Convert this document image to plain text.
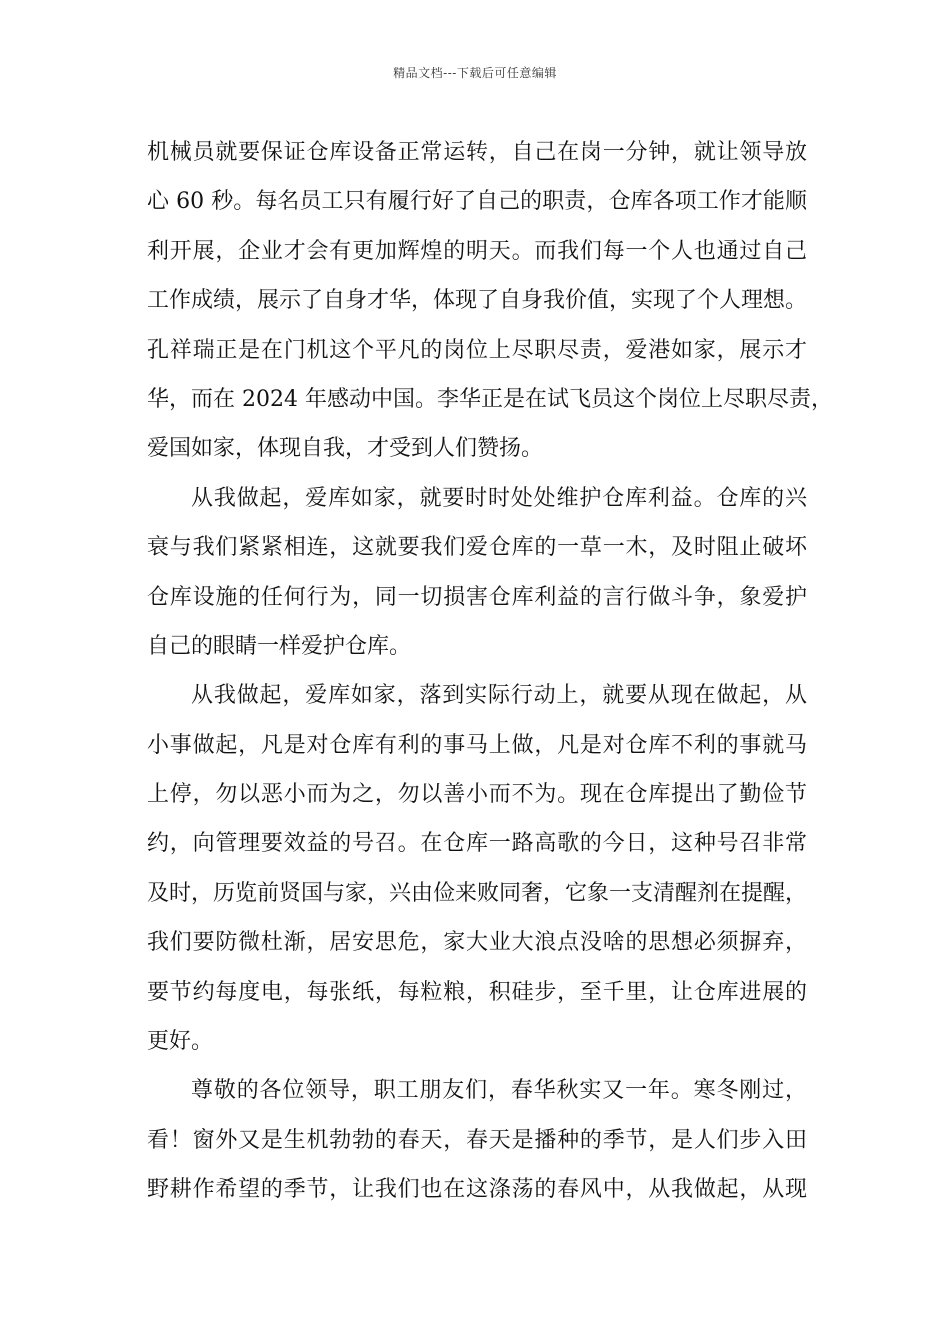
精品文档---下载后可任意编辑
机械员就要保证仓库设备正常运转，自己在岗一分钟，就让领导放
心 60 秒。每名员工只有履行好了自己的职责，仓库各项工作才能顺
利开展，企业才会有更加辉煌的明天。而我们每一个人也通过自己
工作成绩，展示了自身才华，体现了自身我价值，实现了个人理想。
孔祥瑞正是在门机这个平凡的岗位上尽职尽责，爱港如家，展示才
华，而在 2024 年感动中国。李华正是在试飞员这个岗位上尽职尽责，
爱国如家，体现自我，才受到人们赞扬。
从我做起，爱库如家，就要时时处处维护仓库利益。仓库的兴
衰与我们紧紧相连，这就要我们爱仓库的一草一木，及时阻止破坏
仓库设施的任何行为，同一切损害仓库利益的言行做斗争，象爱护
自己的眼睛一样爱护仓库。
从我做起，爱库如家，落到实际行动上，就要从现在做起，从
小事做起，凡是对仓库有利的事马上做，凡是对仓库不利的事就马
上停，勿以恶小而为之，勿以善小而不为。现在仓库提出了勤俭节
约，向管理要效益的号召。在仓库一路高歌的今日，这种号召非常
及时，历览前贤国与家，兴由俭来败同奢，它象一支清醒剂在提醒，
我们要防微杜渐，居安思危，家大业大浪点没啥的思想必须摒弃，
要节约每度电，每张纸，每粒粮，积硅步，至千里，让仓库进展的
更好。
尊敬的各位领导，职工朋友们，春华秋实又一年。寒冬刚过，
看！窗外又是生机勃勃的春天，春天是播种的季节，是人们步入田
野耕作希望的季节，让我们也在这涤荡的春风中，从我做起，从现
